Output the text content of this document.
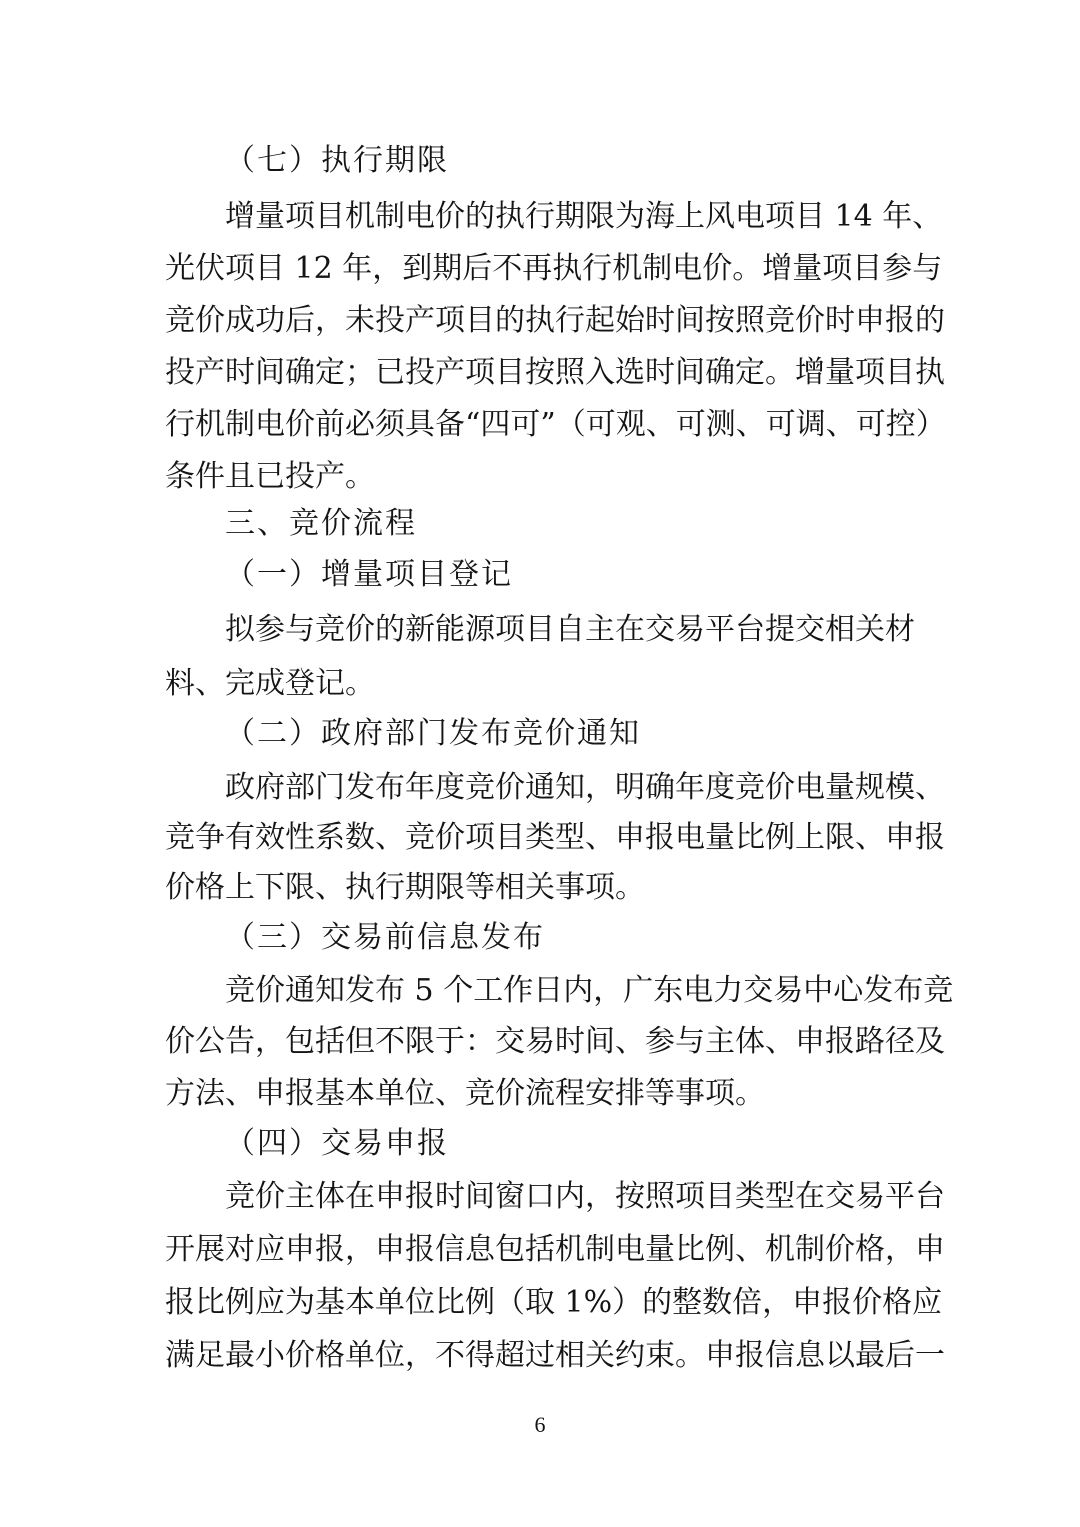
（七）执行期限
增 量 项 目 机 制 电 价 的 执 行 期 限 为 海 上 风 电 项 目
1 4
年 、
光 伏 项 目
1 2
年 ， 到 期 后 不 再 执 行 机 制 电 价 。 增 量 项 目 参 与
竞 价 成 功 后 ， 未 投 产 项 目 的 执 行 起 始 时 间 按 照 竞 价 时 申 报 的
投 产 时 间 确 定 ； 已 投 产 项 目 按 照 入 选 时 间 确 定 。 增 量 项 目 执
行 机 制 电 价 前 必 须 具 备 “ 四 可 ” （ 可 观 、 可 测 、 可 调 、 可 控 ）
条件且已投产。
三、竞价流程
（一）增量项目登记
拟 参 与 竞 价 的 新 能 源 项 目 自 主 在 交 易 平 台 提 交 相 关 材
料、完成登记。
（二）政府部门发布竞价通知
政 府 部 门 发 布 年 度 竞 价 通 知 ， 明 确 年 度 竞 价 电 量 规 模 、
竞 争 有 效 性 系 数 、 竞 价 项 目 类 型 、 申 报 电 量 比 例 上 限 、 申 报
价格上下限、执行期限等相关事项。
（三）交易前信息发布
竞 价 通 知 发 布
5
个 工 作 日 内 ， 广 东 电 力 交 易 中 心 发 布 竞
价 公 告 ， 包 括 但 不 限 于 ： 交 易 时 间 、 参 与 主 体 、 申 报 路 径 及
方法、申报基本单位、竞价流程安排等事项。
（四）交易申报
竞 价 主 体 在 申 报 时 间 窗 口 内 ， 按 照 项 目 类 型 在 交 易 平 台
开 展 对 应 申 报 ， 申 报 信 息 包 括 机 制 电 量 比 例 、 机 制 价 格 ， 申
报 比 例 应 为 基 本 单 位 比 例 （ 取
1 % ） 的 整 数 倍 ， 申 报 价 格 应
满 足 最 小 价 格 单 位 ， 不 得 超 过 相 关 约 束 。 申 报 信 息 以 最 后 一
6
